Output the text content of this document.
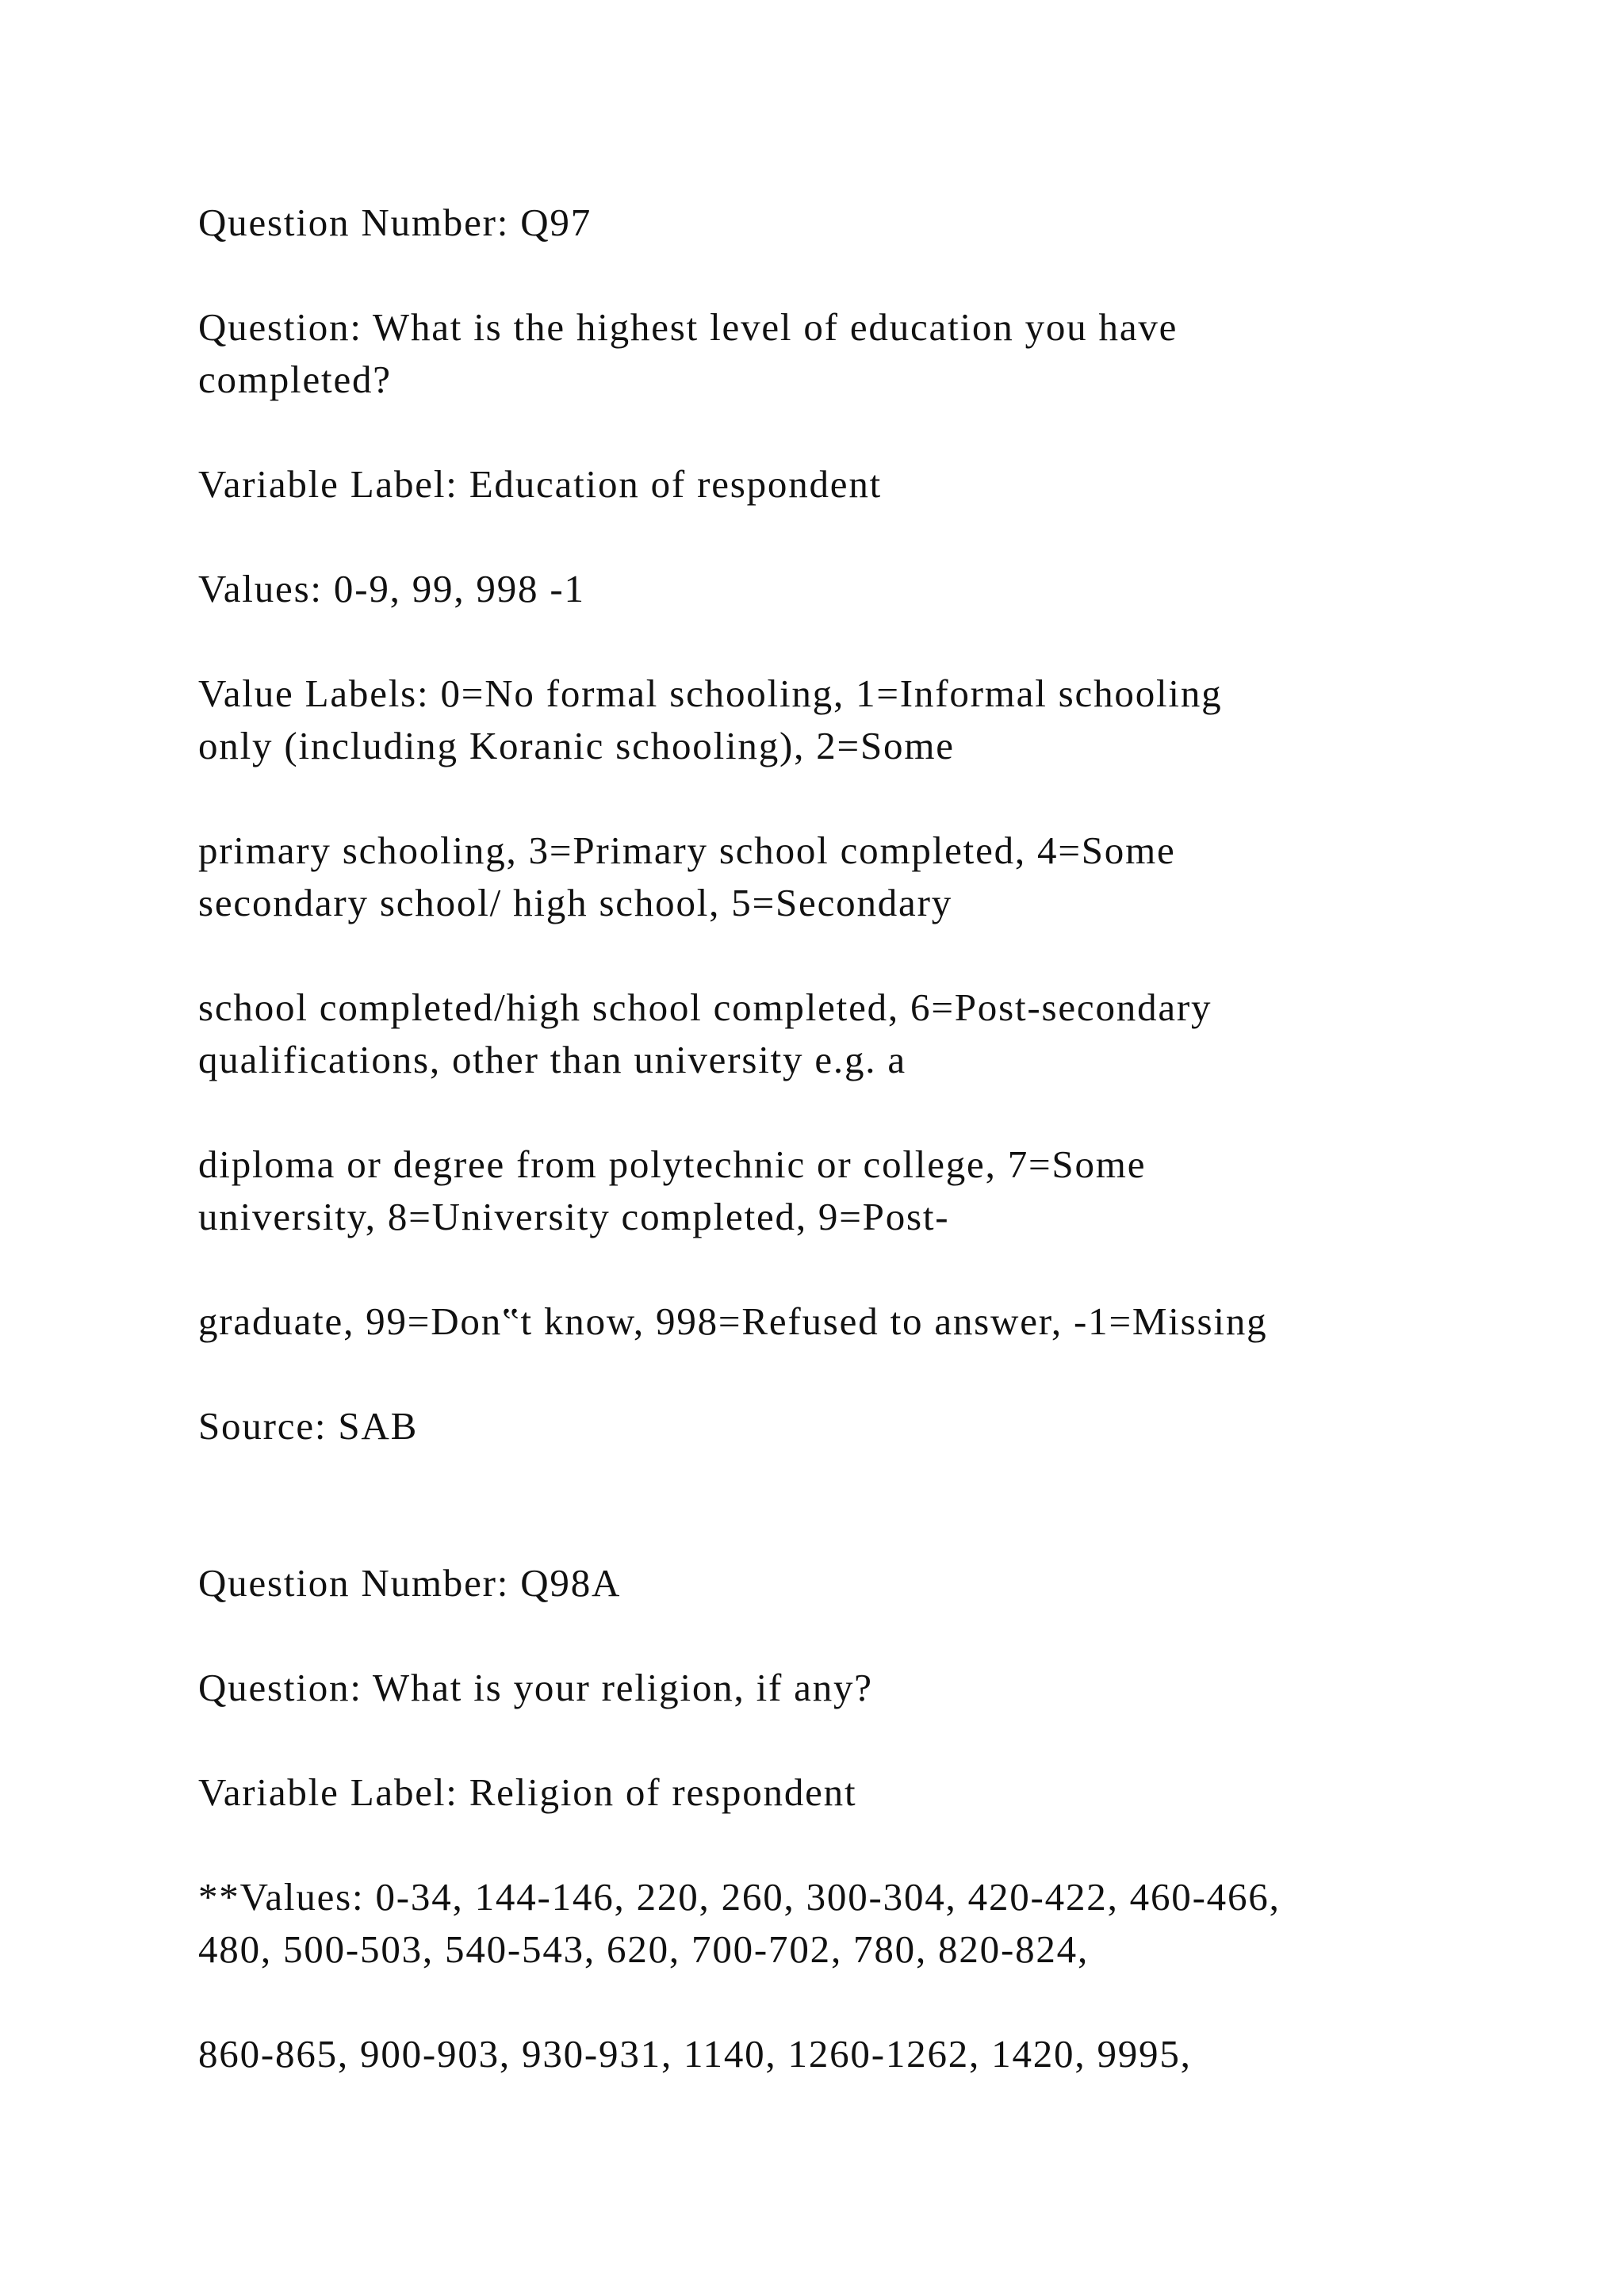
Question Number: Q97

Question: What is the highest level of education you have

completed?

Variable Label: Education of respondent

Values: 0-9, 99, 998 -1

Value Labels: 0=No formal schooling, 1=Informal schooling

only (including Koranic schooling), 2=Some

primary schooling, 3=Primary school completed, 4=Some

secondary school/ high school, 5=Secondary

school completed/high school completed, 6=Post-secondary

qualifications, other than university e.g. a

diploma or degree from polytechnic or college, 7=Some

university, 8=University completed, 9=Post-

graduate, 99=Don‟t know, 998=Refused to answer, -1=Missing

Source: SAB

Question Number: Q98A

Question: What is your religion, if any?

Variable Label: Religion of respondent

**Values: 0-34, 144-146, 220, 260, 300-304, 420-422, 460-466,

480, 500-503, 540-543, 620, 700-702, 780, 820-824,

860-865, 900-903, 930-931, 1140, 1260-1262, 1420, 9995,
